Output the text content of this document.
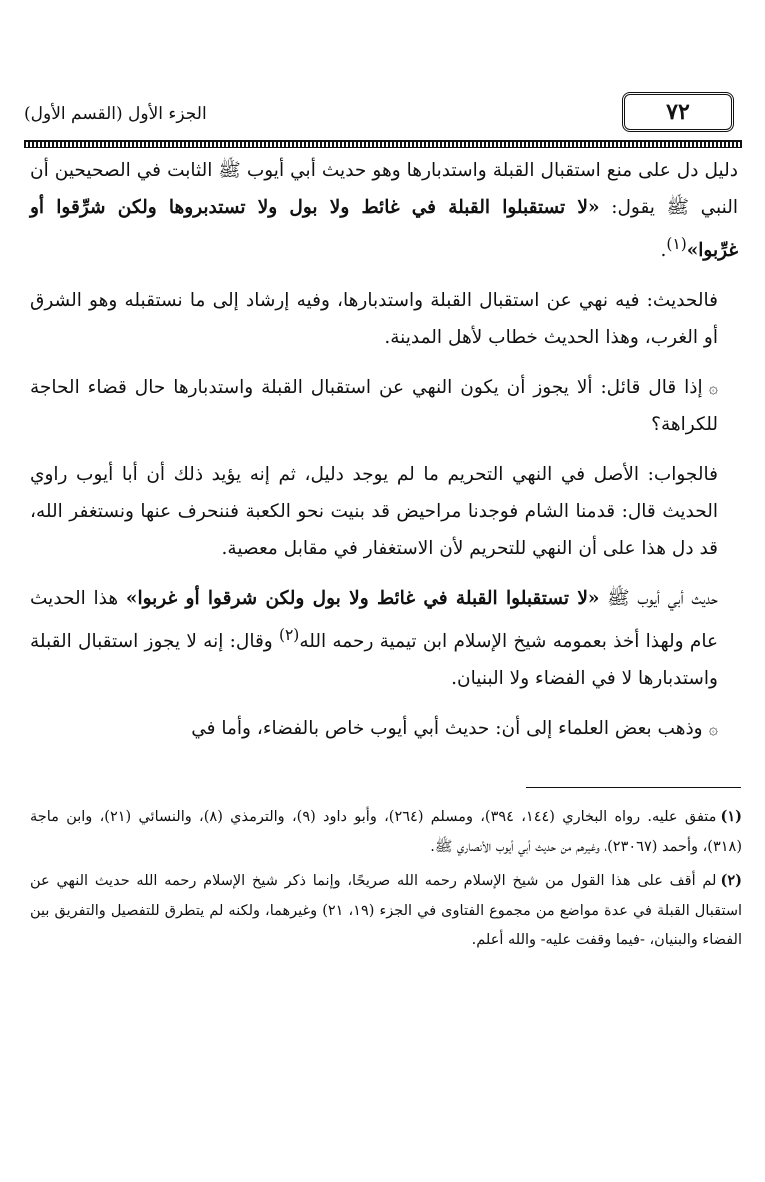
٧٢
الجزء الأول (القسم الأول)

دليل دل على منع استقبال القبلة واستدبارها وهو حديث أبي أيوب ﷺ الثابت في الصحيحين أن النبي ﷺ يقول: «لا تستقبلوا القبلة في غائط ولا بول ولا تستدبروها ولكن شرِّقوا أو غرِّبوا»$^{(١)}$.

فالحديث: فيه نهي عن استقبال القبلة واستدبارها، وفيه إرشاد إلى ما نستقبله وهو الشرق أو الغرب، وهذا الحديث خطاب لأهل المدينة.

۞إذا قال قائل: ألا يجوز أن يكون النهي عن استقبال القبلة واستدبارها حال قضاء الحاجة للكراهة؟

فالجواب: الأصل في النهي التحريم ما لم يوجد دليل، ثم إنه يؤيد ذلك أن أبا أيوب راوي الحديث قال: قدمنا الشام فوجدنا مراحيض قد بنيت نحو الكعبة فننحرف عنها ونستغفر الله، قد دل هذا على أن النهي للتحريم لأن الاستغفار في مقابل معصية.

حديث أبي أيوب ﷺ «لا تستقبلوا القبلة في غائط ولا بول ولكن شرقوا أو غربوا» هذا الحديث عام ولهذا أخذ بعمومه شيخ الإسلام ابن تيمية رحمه الله$^{(٢)}$ وقال: إنه لا يجوز استقبال القبلة واستدبارها لا في الفضاء ولا البنيان.

۞وذهب بعض العلماء إلى أن: حديث أبي أيوب خاص بالفضاء، وأما في

(١)متفق عليه. رواه البخاري (١٤٤، ٣٩٤)، ومسلم (٢٦٤)، وأبو داود (٩)، والترمذي (٨)، والنسائي (٢١)، وابن ماجة (٣١٨)، وأحمد (٢٣٠٦٧)، وغيرهم من حديث أبي أيوب الأنصاري ﷺ.

(٢)لم أقف على هذا القول من شيخ الإسلام رحمه الله صريحًا، وإنما ذكر شيخ الإسلام رحمه الله حديث النهي عن استقبال القبلة في عدة مواضع من مجموع الفتاوى في الجزء (١٩، ٢١) وغيرهما، ولكنه لم يتطرق للتفصيل والتفريق بين الفضاء والبنيان، -فيما وقفت عليه- والله أعلم.
